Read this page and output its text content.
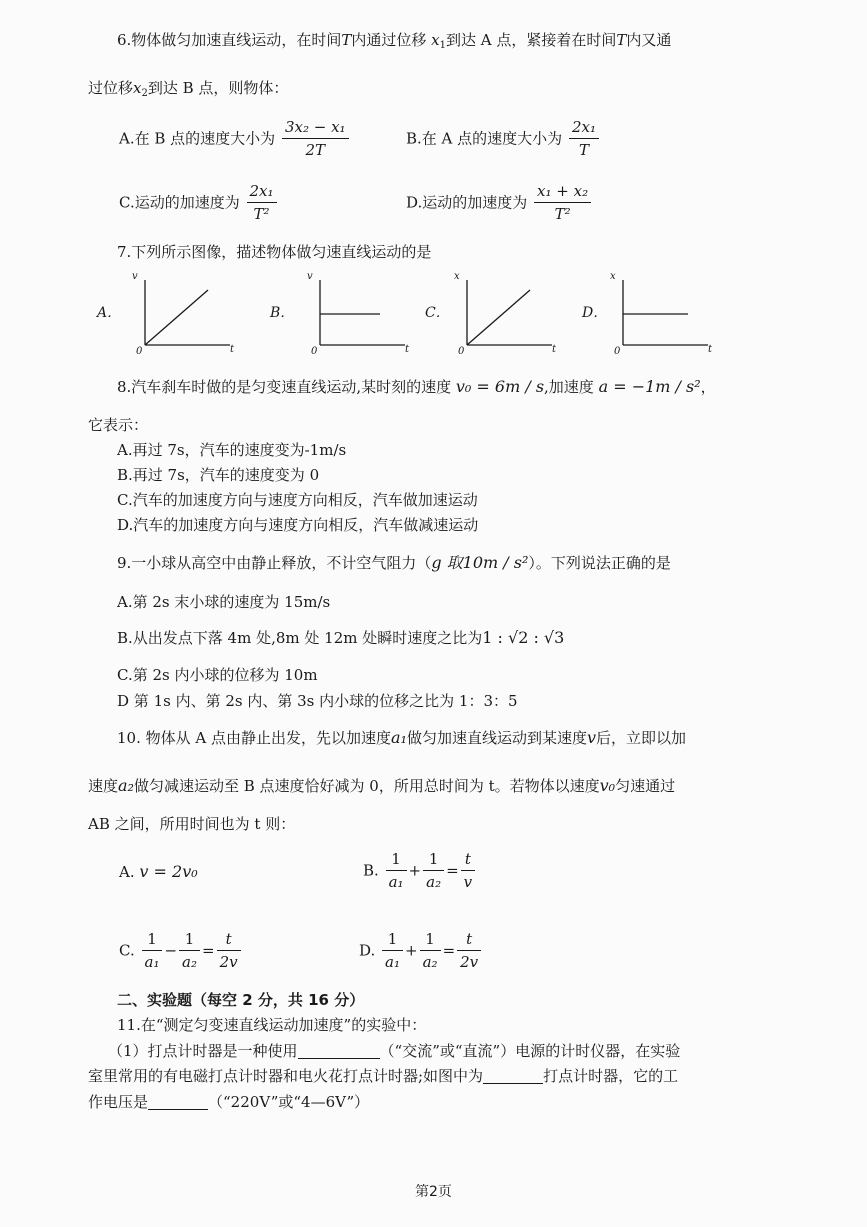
6.物体做匀加速直线运动，在时间T内通过位移 $x_1$到达 A 点，紧接着在时间T内又通
过位移$x_2$到达 B 点，则物体：
A.在 B 点的速度大小为 $\frac{\text{3x₂ − x₁}}{2T}$	B.在 A 点的速度大小为 $\frac{\text{2x₁}}{T}$
C.运动的加速度为 $\frac{\text{2x₁}}{\text{T²}}$	D.运动的加速度为 $\frac{\text{x₁ + x₂}}{\text{T²}}$
7.下列所示图像，描述物体做匀速直线运动的是
A．
v
0	t
B．
v
0	t
C．
x
0	t
D．
x
0	t
8.汽车刹车时做的是匀变速直线运动,某时刻的速度 v₀ = 6m / s,加速度 a = −1m / s²，
它表示：
A.再过 7s，汽车的速度变为-1m/s
B.再过 7s，汽车的速度变为 0
C.汽车的加速度方向与速度方向相反，汽车做加速运动
D.汽车的加速度方向与速度方向相反，汽车做减速运动
9.一小球从高空中由静止释放，不计空气阻力（g 取10m / s²）。下列说法正确的是
A.第 2s 末小球的速度为 15m/s
B.从出发点下落 4m 处,8m 处 12m 处瞬时速度之比为1 : √2 : √3
C.第 2s 内小球的位移为 10m
D 第 1s 内、第 2s 内、第 3s 内小球的位移之比为 1：3：5
10. 物体从 A 点由静止出发，先以加速度a₁做匀加速直线运动到某速度v后，立即以加
速度a₂做匀减速运动至 B 点速度恰好减为 0，所用总时间为 t。若物体以速度v₀匀速通过
AB 之间，所用时间也为 t 则：
A. v = 2v₀	B. $\frac{1}{\text{a₁}} + \frac{1}{\text{a₂}} = \frac{t}{v}$
C. $\frac{1}{\text{a₁}} - \frac{1}{\text{a₂}} = \frac{t}{2v}$	D. $\frac{1}{\text{a₁}} + \frac{1}{\text{a₂}} = \frac{t}{2v}$
二、实验题（每空 2 分，共 16 分）
11.在“测定匀变速直线运动加速度”的实验中：
（1）打点计时器是一种使用	（“交流”或“直流”）电源的计时仪器，在实验
室里常用的有电磁打点计时器和电火花打点计时器;如图中为	打点计时器，它的工
作电压是	（“220V”或“4—6V”）
第2页
